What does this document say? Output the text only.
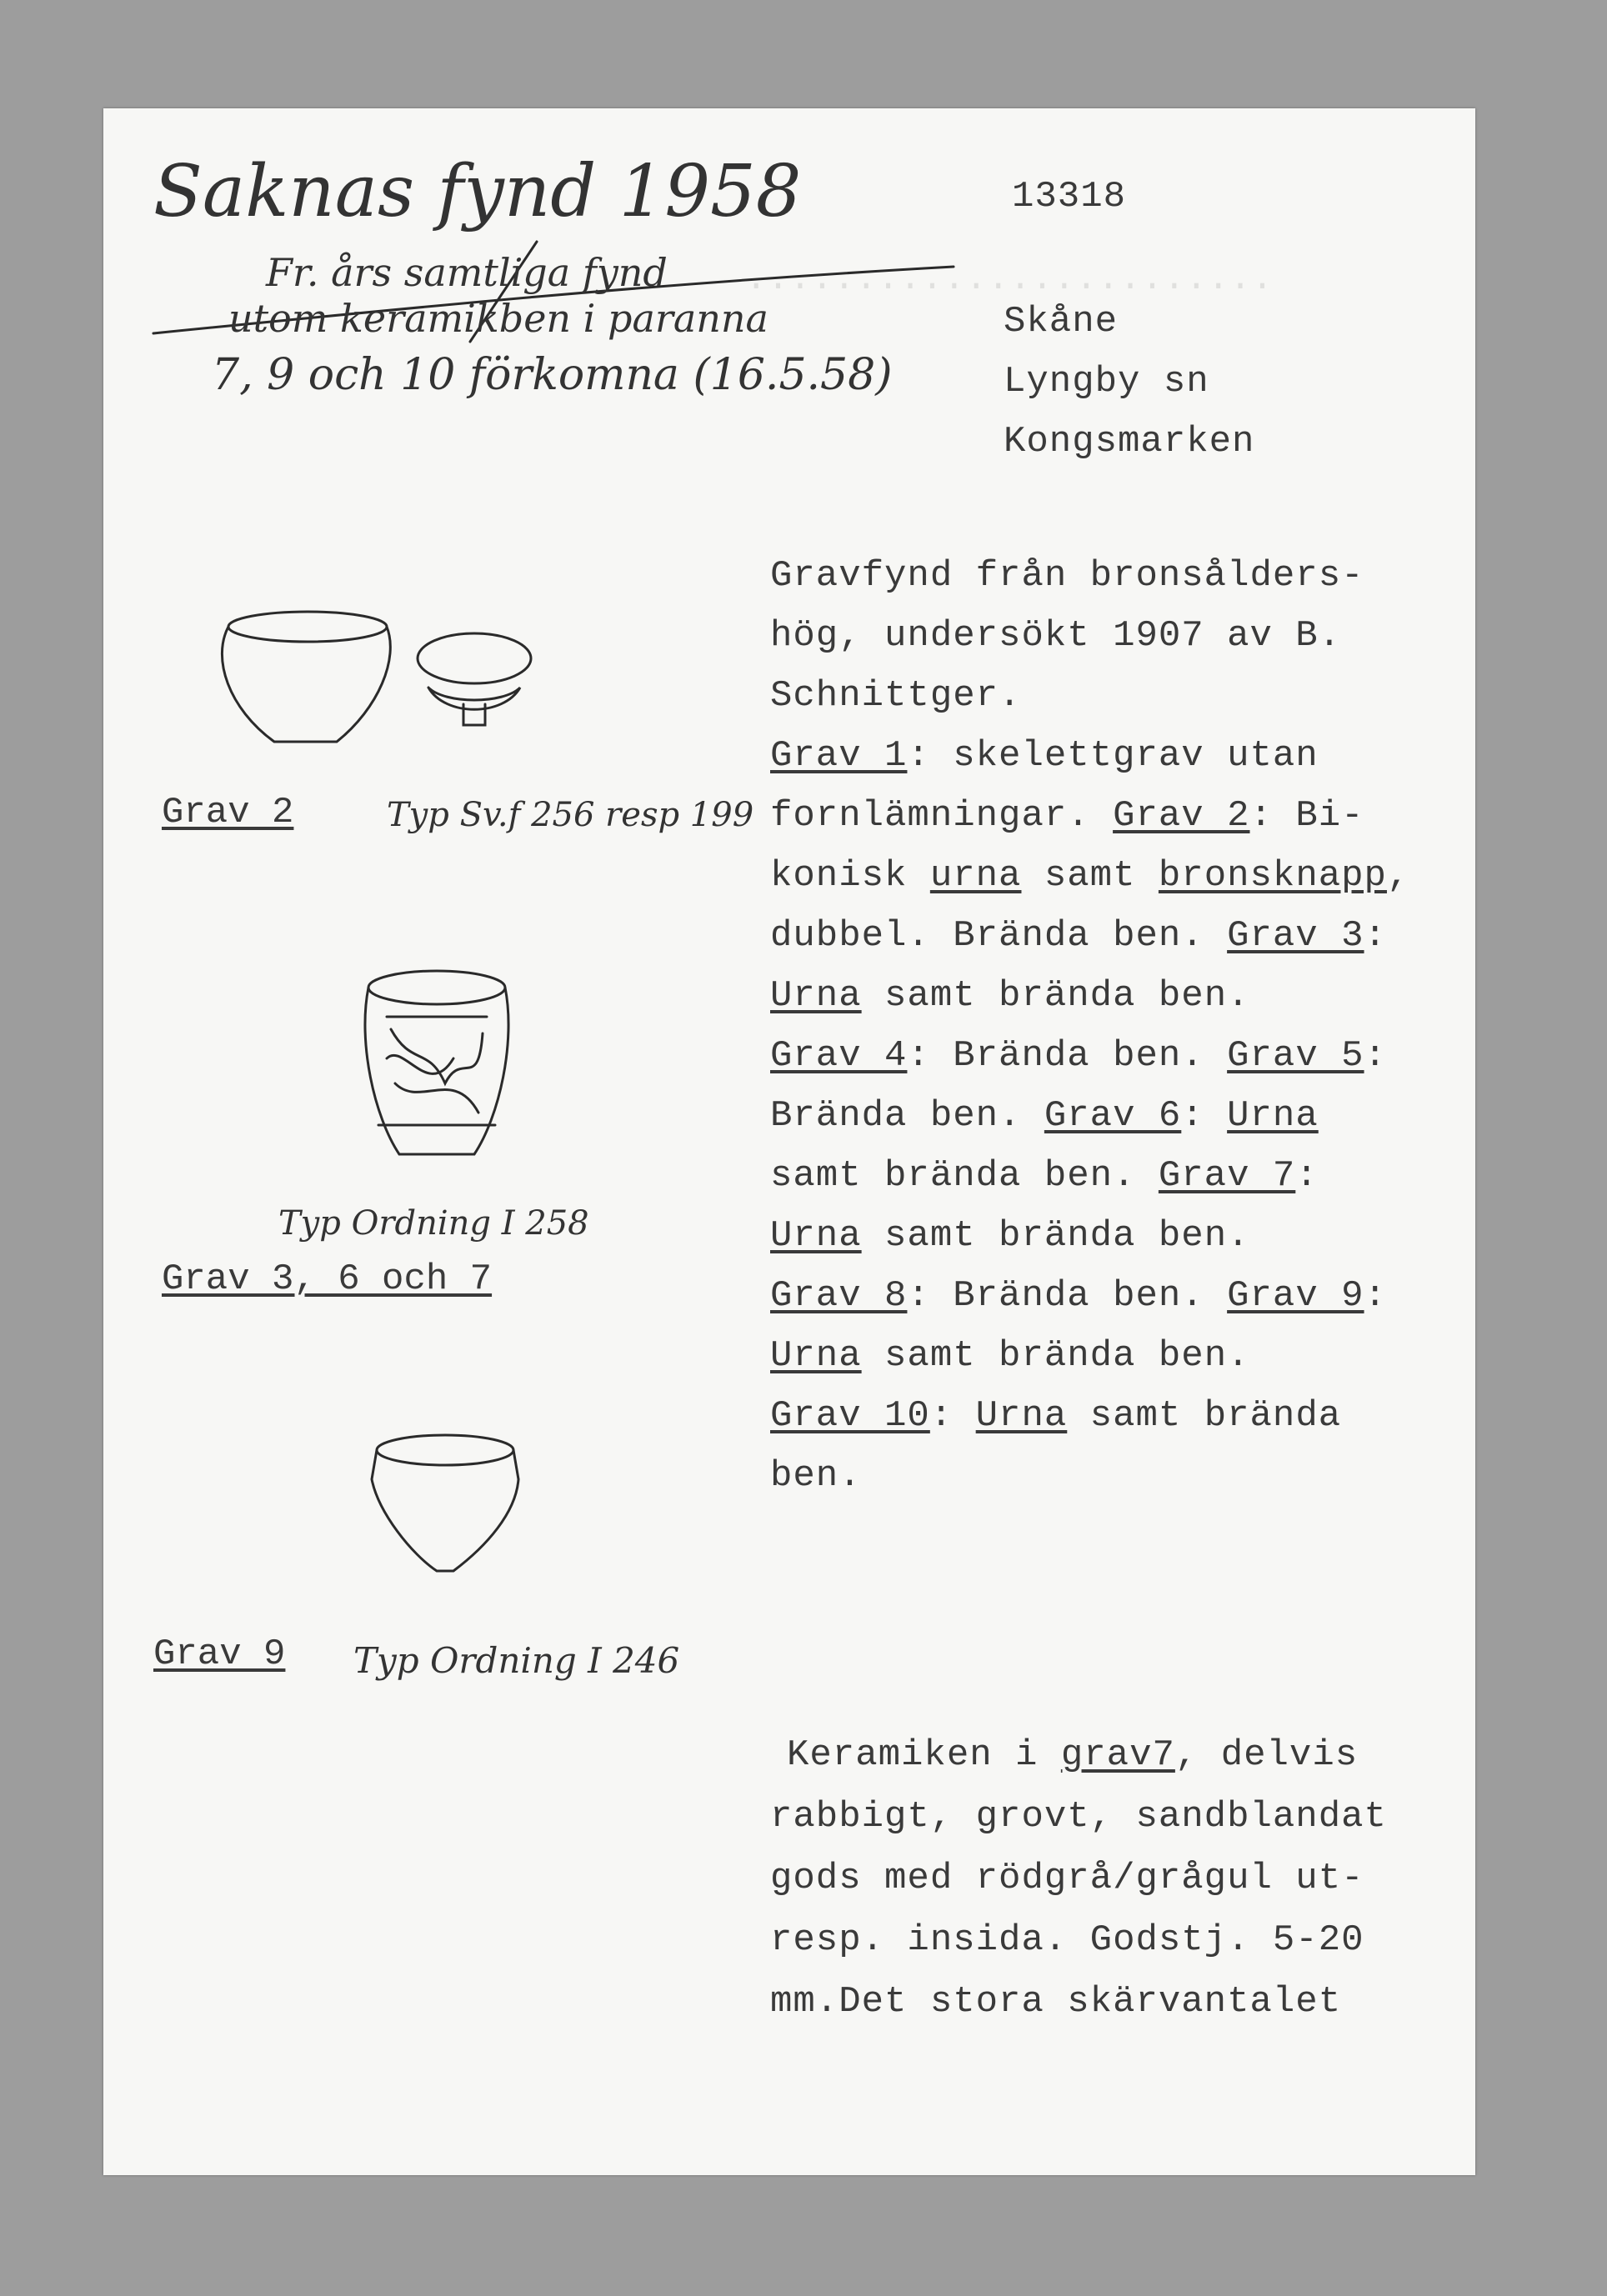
........................
Saknas fynd 1958
Fr. års samtliga fynd
utom keramikben i paranna
7, 9 och 10 förkomna (16.5.58)
13318
Skåne
Lyngby sn
Kongsmarken
Gravfynd från bronsålders-
hög, undersökt 1907 av B.
Schnittger.
Grav 1: skelettgrav utan
fornlämningar. Grav 2: Bi-
konisk urna samt bronsknapp,
dubbel. Brända ben. Grav 3:
Urna samt brända ben.
Grav 4: Brända ben. Grav 5:
Brända ben. Grav 6: Urna
samt brända ben. Grav 7:
Urna samt brända ben.
Grav 8: Brända ben. Grav 9:
Urna samt brända ben.
Grav 10: Urna samt brända
ben.
Keramiken i grav7, delvis
rabbigt, grovt, sandblandat
gods med rödgrå/grågul ut-
resp. insida. Godstj. 5-20
mm.Det stora skärvantalet
Grav 2	Typ Sv.f 256 resp 199
Typ Ordning I 258
Grav 3, 6 och 7
Grav 9 Typ Ordning I 246
